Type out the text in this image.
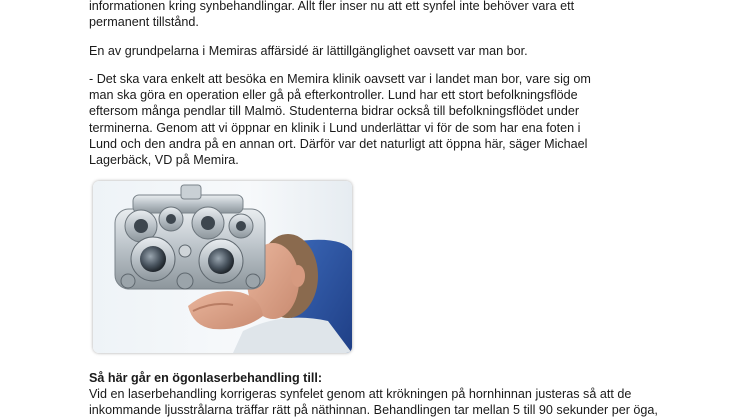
informationen kring synbehandlingar. Allt fler inser nu att ett synfel inte behöver vara ett
permanent tillstånd.
En av grundpelarna i Memiras affärsidé är lättillgänglighet oavsett var man bor.
- Det ska vara enkelt att besöka en Memira klinik oavsett var i landet man bor, vare sig om
man ska göra en operation eller gå på efterkontroller. Lund har ett stort befolkningsflöde
eftersom många pendlar till Malmö. Studenterna bidrar också till befolkningsflödet under
terminerna. Genom att vi öppnar en klinik i Lund underlättar vi för de som har ena foten i
Lund och den andra på en annan ort. Därför var det naturligt att öppna här, säger Michael
Lagerbäck, VD på Memira.
Så här går en ögonlaserbehandling till:
Vid en laserbehandling korrigeras synfelet genom att krökningen på hornhinnan justeras så att de
inkommande ljusstrålarna träffar rätt på näthinnan. Behandlingen tar mellan 5 till 90 sekunder per öga,
